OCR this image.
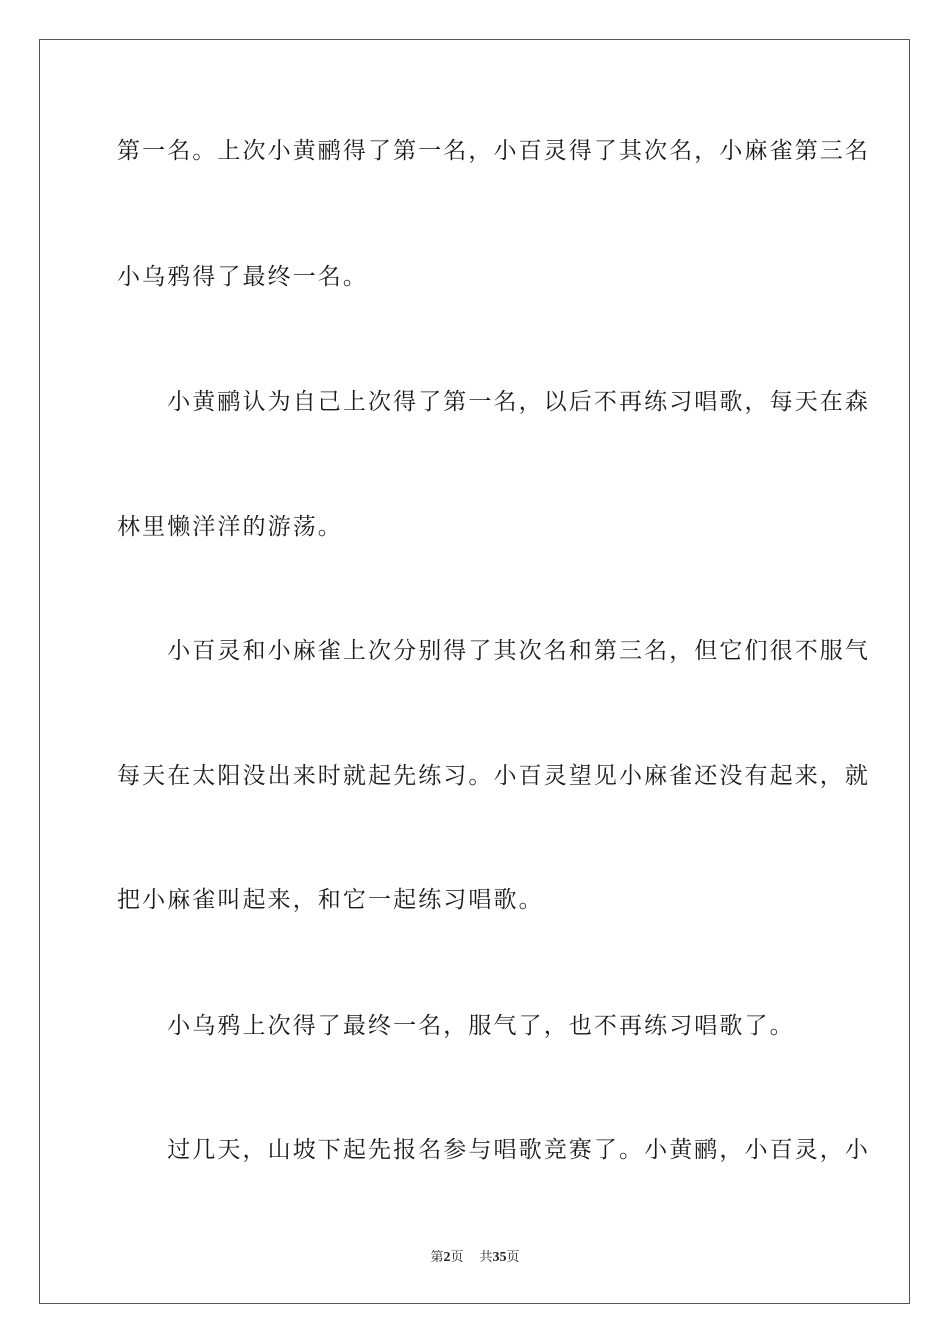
第一名。上次小黄鹂得了第一名，小百灵得了其次名，小麻雀第三名

小乌鸦得了最终一名。

　　小黄鹂认为自己上次得了第一名，以后不再练习唱歌，每天在森

林里懒洋洋的游荡。

　　小百灵和小麻雀上次分别得了其次名和第三名，但它们很不服气

每天在太阳没出来时就起先练习。小百灵望见小麻雀还没有起来，就

把小麻雀叫起来，和它一起练习唱歌。

　　小乌鸦上次得了最终一名，服气了，也不再练习唱歌了。

　　过几天，山坡下起先报名参与唱歌竞赛了。小黄鹂，小百灵，小

第2页 共35页
